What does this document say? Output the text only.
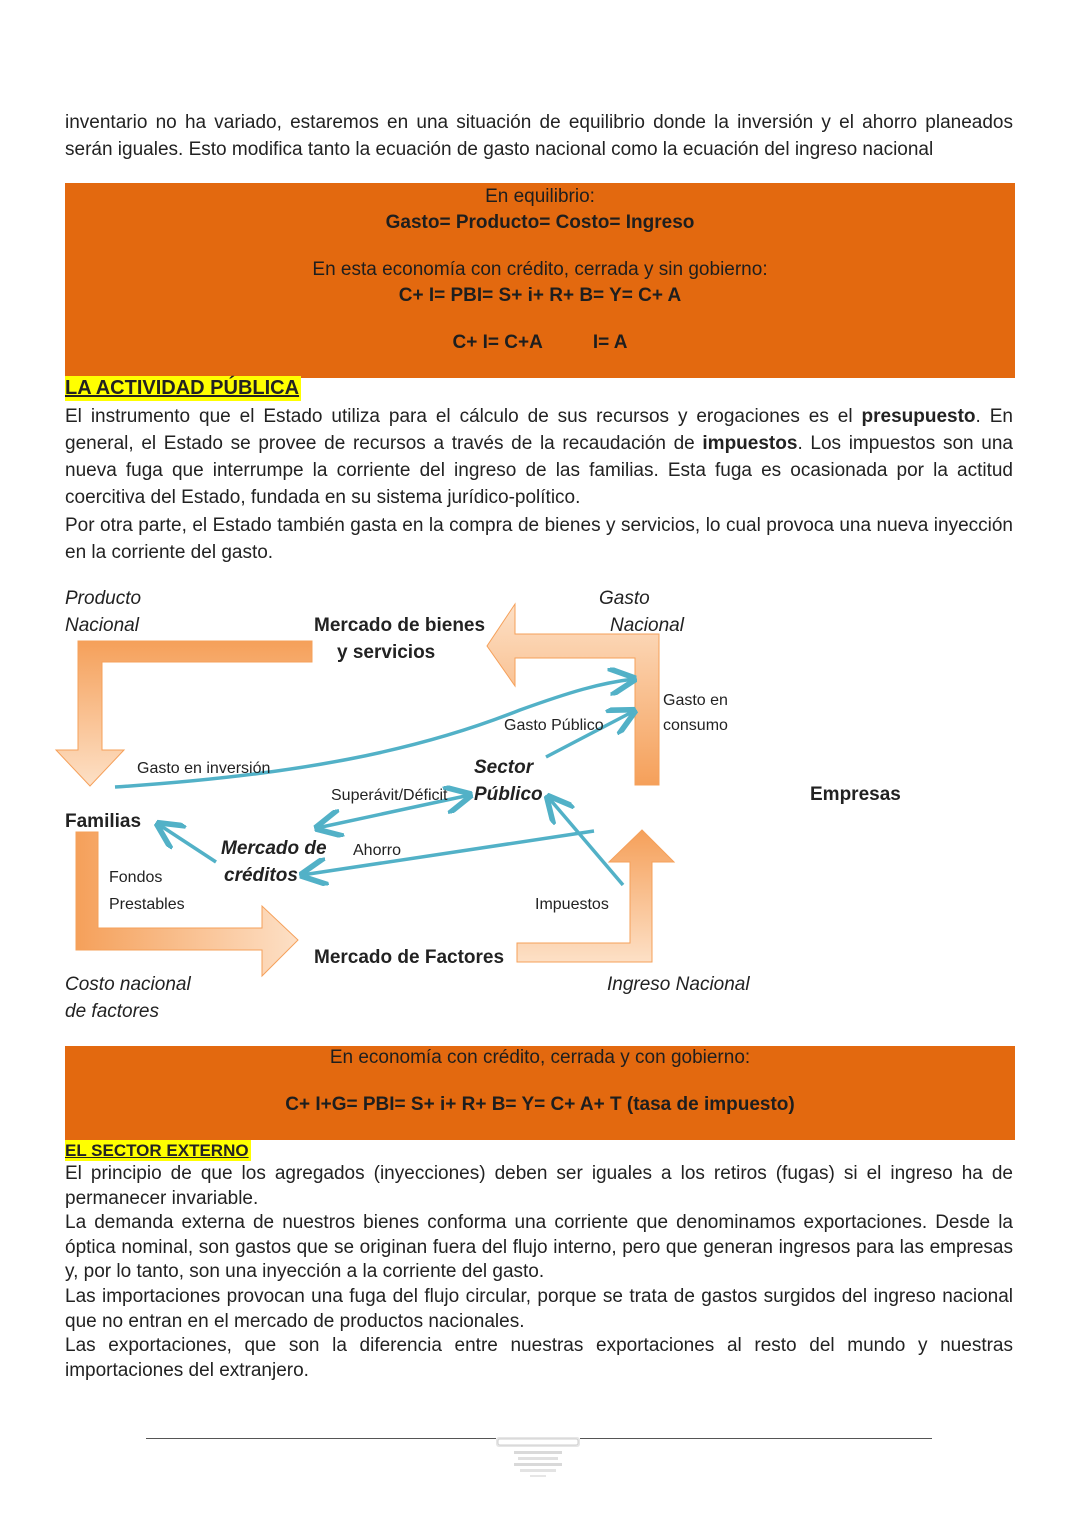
inventario no ha variado, estaremos en una situación de equilibrio donde la inversión y el ahorro planeados serán iguales. Esto modifica tanto la ecuación de gasto nacional como la ecuación del ingreso nacional

En equilibrio:
Gasto= Producto= Costo= Ingreso
En esta economía con crédito, cerrada y sin gobierno:
C+ I= PBI= S+ i+ R+ B= Y= C+ A
C+ I= C+A	I= A
LA ACTIVIDAD PÚBLICA

El instrumento que el Estado utiliza para el cálculo de sus recursos y erogaciones es el presupuesto. En general, el Estado se provee de recursos a través de la recaudación de impuestos. Los impuestos son una nueva fuga que interrumpe la corriente del ingreso de las familias. Esta fuga es ocasionada por la actitud coercitiva del Estado, fundada en su sistema jurídico-político.

Por otra parte, el Estado también gasta en la compra de bienes y servicios, lo cual provoca una nueva inyección en la corriente del gasto.

Producto
Nacional	Mercado de bienes
y servicios
Gasto
Nacional
Gasto en
consumo
Gasto Público
Gasto en inversión	Sector
Público
Superávit/Déficit	Empresas
Familias
Mercado de
créditos
Ahorro
Fondos
Prestables	Impuestos
Mercado de Factores
Costo nacional
de factores
Ingreso Nacional
En economía con crédito, cerrada y con gobierno:
C+ I+G= PBI= S+ i+ R+ B= Y= C+ A+ T (tasa de impuesto)
EL SECTOR EXTERNO

El principio de que los agregados (inyecciones) deben ser iguales a los retiros (fugas) si el ingreso ha de permanecer invariable.

La demanda externa de nuestros bienes conforma una corriente que denominamos exportaciones. Desde la óptica nominal, son gastos que se originan fuera del flujo interno, pero que generan ingresos para las empresas y, por lo tanto, son una inyección a la corriente del gasto.

Las importaciones provocan una fuga del flujo circular, porque se trata de gastos surgidos del ingreso nacional que no entran en el mercado de productos nacionales.

Las exportaciones, que son la diferencia entre nuestras exportaciones al resto del mundo y nuestras importaciones del extranjero.
